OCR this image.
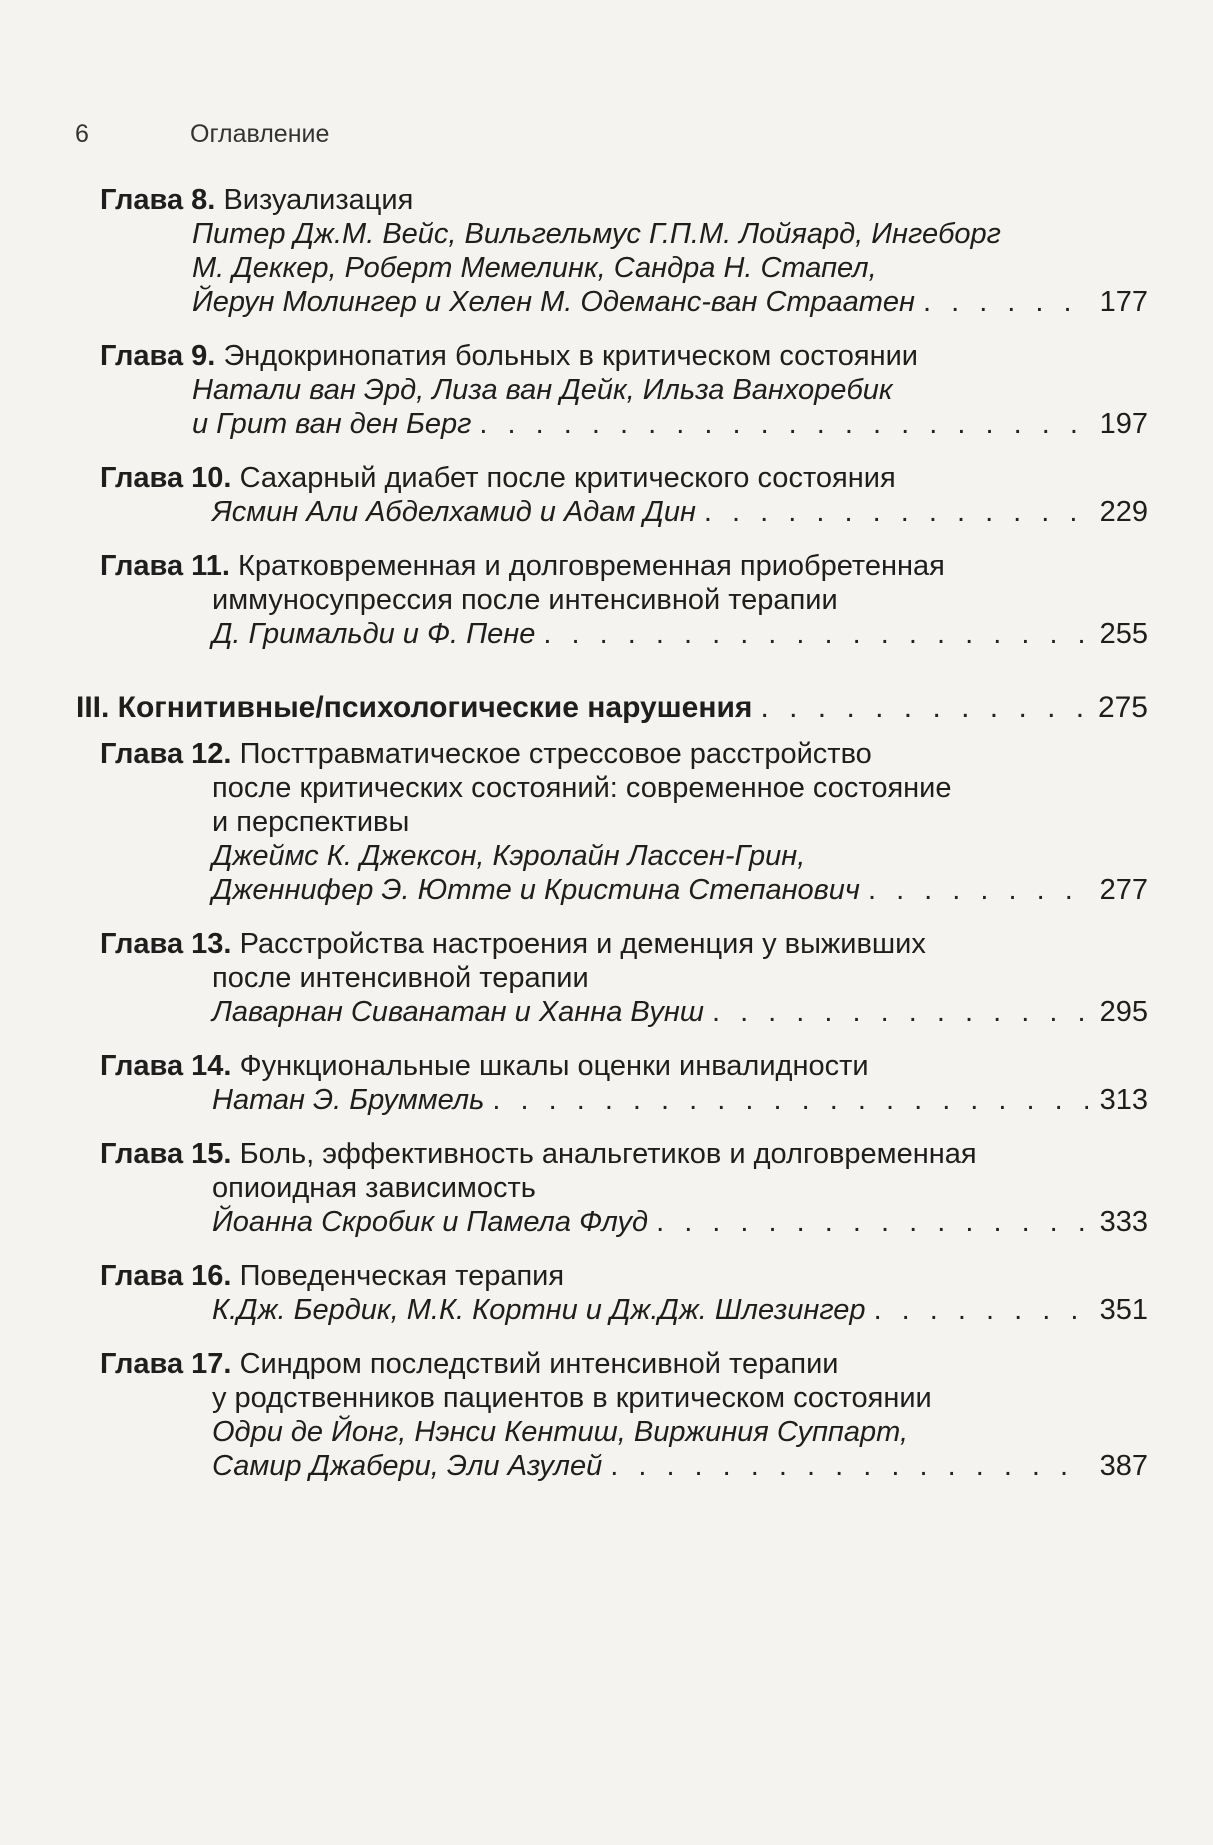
6	Оглавление
Глава 8. Визуализация
Питер Дж.М. Вейс, Вильгельмус Г.П.М. Лойяард, Ингеборг
М. Деккер, Роберт Мемелинк, Сандра Н. Стапел,
Йерун Молингер и Хелен М. Одеманс-ван Страатен . . .	177
Глава 9. Эндокринопатия больных в критическом состоянии
Натали ван Эрд, Лиза ван Дейк, Ильза Ванхоребик
и Грит ван ден Берг . . .	197
Глава 10. Сахарный диабет после критического состояния
Ясмин Али Абделхамид и Адам Дин . . .	229
Глава 11. Кратковременная и долговременная приобретенная
иммуносупрессия после интенсивной терапии
Д. Гримальди и Ф. Пене . . .	255
III. Когнитивные/психологические нарушения . . .	275
Глава 12. Посттравматическое стрессовое расстройство
после критических состояний: современное состояние
и перспективы
Джеймс К. Джексон, Кэролайн Лассен-Грин,
Дженнифер Э. Ютте и Кристина Степанович . . .	277
Глава 13. Расстройства настроения и деменция у выживших
после интенсивной терапии
Лаварнан Сиванатан и Ханна Вунш . . .	295
Глава 14. Функциональные шкалы оценки инвалидности
Натан Э. Бруммель . . .	313
Глава 15. Боль, эффективность анальгетиков и долговременная
опиоидная зависимость
Йоанна Скробик и Памела Флуд . . .	333
Глава 16. Поведенческая терапия
К.Дж. Бердик, М.К. Кортни и Дж.Дж. Шлезингер . . .	351
Глава 17. Синдром последствий интенсивной терапии
у родственников пациентов в критическом состоянии
Одри де Йонг, Нэнси Кентиш, Виржиния Суппарт,
Самир Джабери, Эли Азулей . . .	387
